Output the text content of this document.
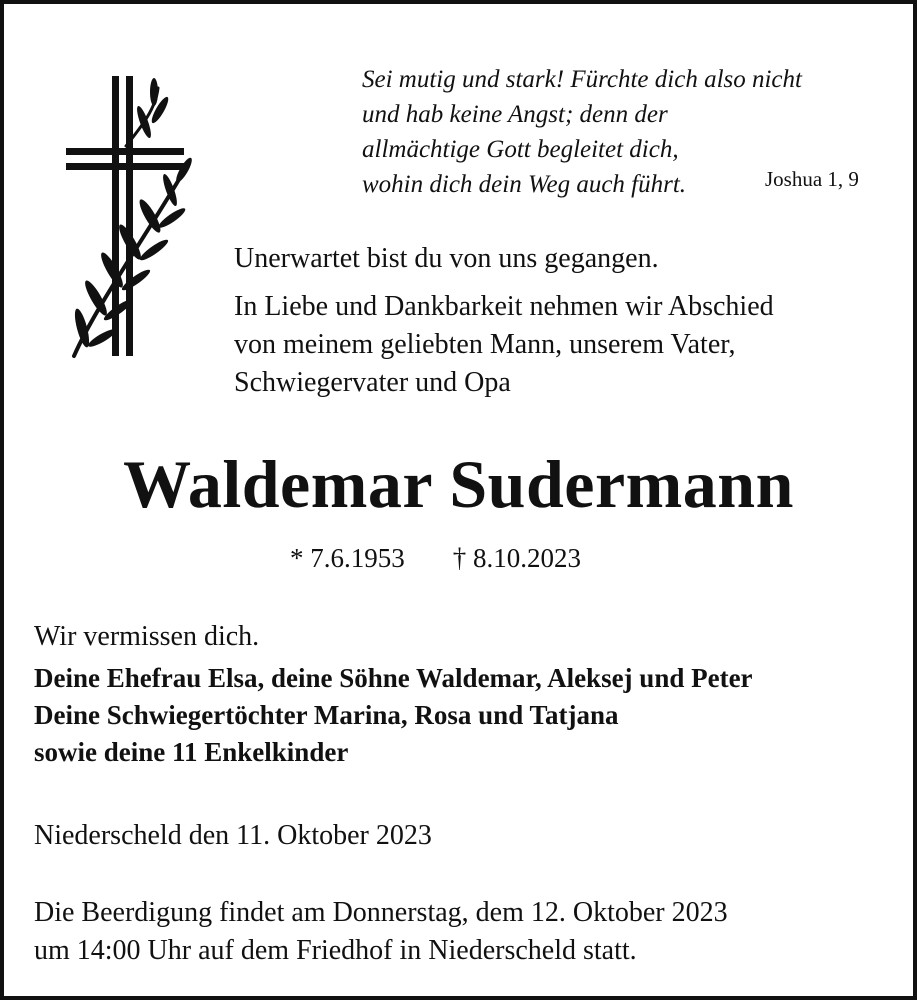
Sei mutig und stark! Fürchte dich also nicht
und hab keine Angst; denn der
allmächtige Gott begleitet dich,
wohin dich dein Weg auch führt.	Joshua 1, 9

Unerwartet bist du von uns gegangen.

In Liebe und Dankbarkeit nehmen wir Abschied
von meinem geliebten Mann, unserem Vater,
Schwiegervater und Opa

Waldemar Sudermann
* 7.6.1953 † 8.10.2023
Wir vermissen dich.
Deine Ehefrau Elsa, deine Söhne Waldemar, Aleksej und Peter
Deine Schwiegertöchter Marina, Rosa und Tatjana
sowie deine 11 Enkelkinder
Niederscheld den 11. Oktober 2023
Die Beerdigung findet am Donnerstag, dem 12. Oktober 2023
um 14:00 Uhr auf dem Friedhof in Niederscheld statt.
